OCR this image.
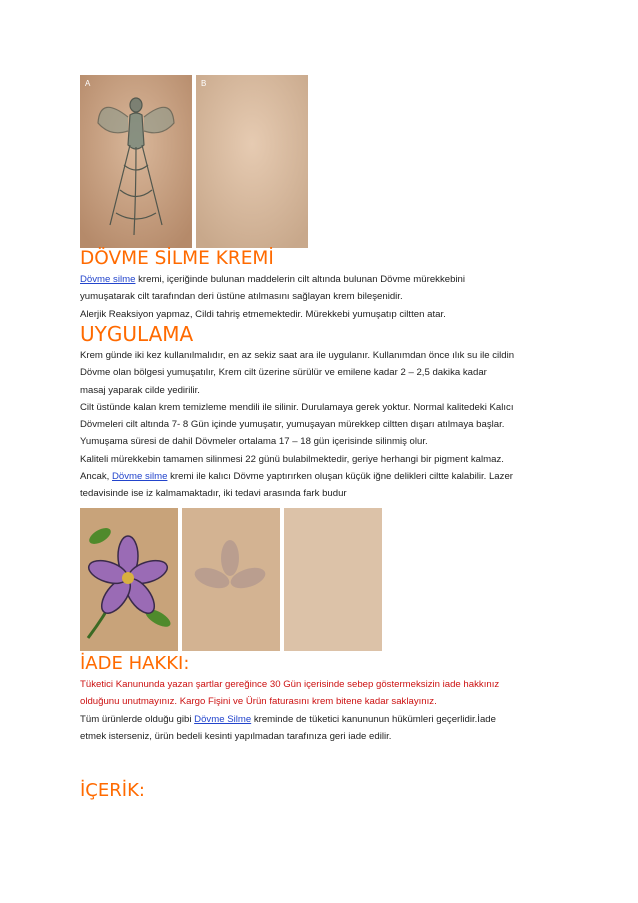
A	B
DÖVME SİLME KREMİ

Dövme silme kremi, içeriğinde bulunan maddelerin cilt altında bulunan Dövme mürekkebini

yumuşatarak cilt tarafından deri üstüne atılmasını sağlayan krem bileşenidir.

Alerjik Reaksiyon yapmaz, Cildi tahriş etmemektedir. Mürekkebi yumuşatıp ciltten atar.

UYGULAMA

Krem günde iki kez kullanılmalıdır, en az sekiz saat ara ile uygulanır. Kullanımdan önce ılık su ile cildin

Dövme olan bölgesi yumuşatılır, Krem cilt üzerine sürülür ve emilene kadar 2 – 2,5 dakika kadar

masaj yaparak cilde yedirilir.

Cilt üstünde kalan krem temizleme mendili ile silinir. Durulamaya gerek yoktur. Normal kalitedeki Kalıcı

Dövmeleri cilt altında 7- 8 Gün içinde yumuşatır, yumuşayan mürekkep ciltten dışarı atılmaya başlar.

Yumuşama süresi de dahil Dövmeler ortalama 17 – 18 gün içerisinde silinmiş olur.

Kaliteli mürekkebin tamamen silinmesi 22 günü bulabilmektedir, geriye herhangi bir pigment kalmaz.

Ancak, Dövme silme kremi ile kalıcı Dövme yaptırırken oluşan küçük iğne delikleri ciltte kalabilir. Lazer

tedavisinde ise iz kalmamaktadır, iki tedavi arasında fark budur

İADE HAKKI:

Tüketici Kanununda yazan şartlar gereğince 30 Gün içerisinde sebep göstermeksizin iade hakkınız

olduğunu unutmayınız. Kargo Fişini ve Ürün faturasını krem bitene kadar saklayınız.

Tüm ürünlerde olduğu gibi Dövme Silme kreminde de tüketici kanununun hükümleri geçerlidir.İade

etmek isterseniz, ürün bedeli kesinti yapılmadan tarafınıza geri iade edilir.

İÇERİK:
